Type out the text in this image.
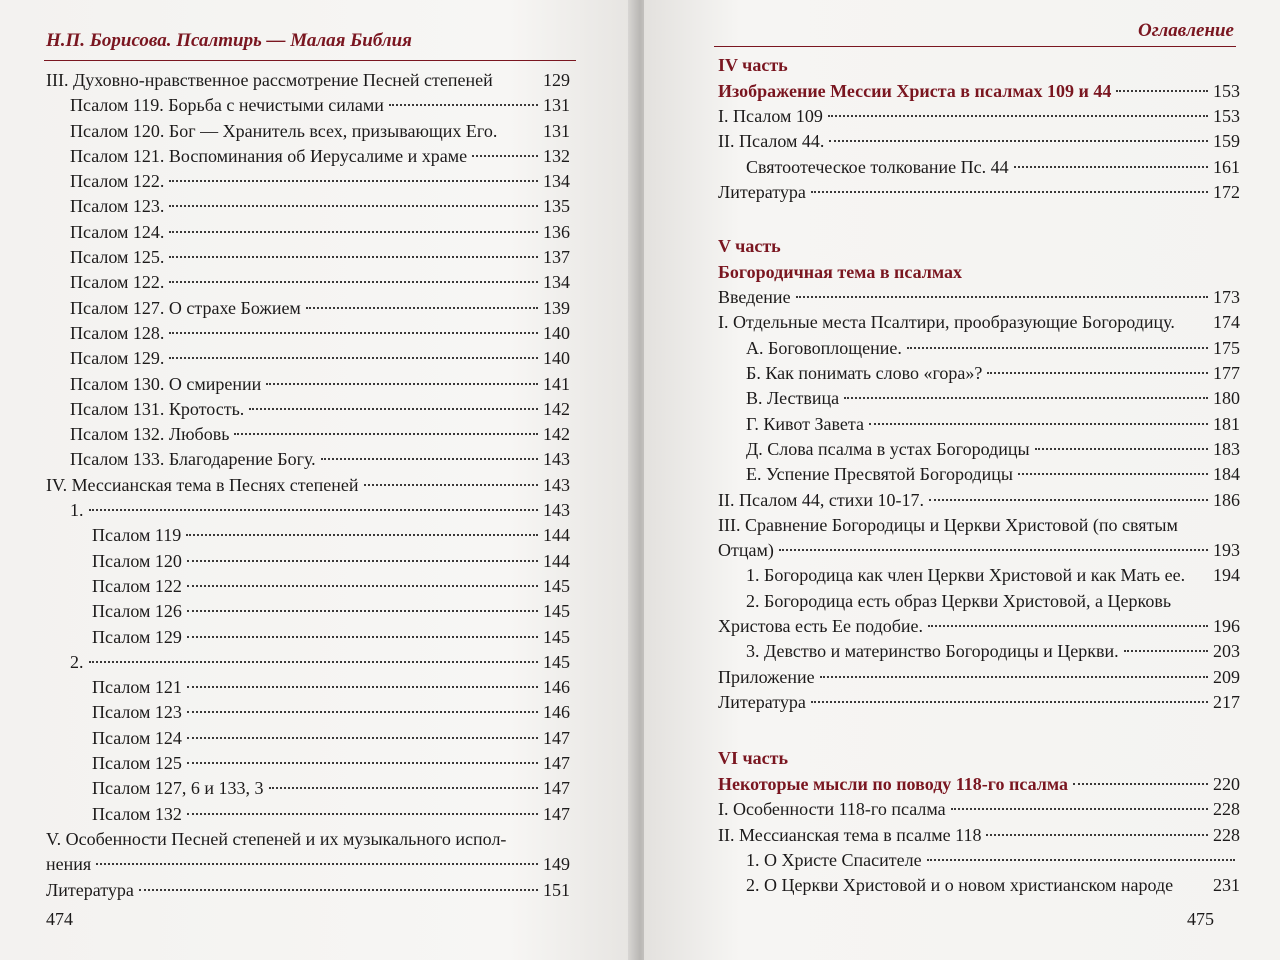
Н.П. Борисова. Псалтирь — Малая Библия
III. Духовно-нравственное рассмотрение Песней степеней	129
Псалом 119. Борьба с нечистыми силами	131
Псалом 120. Бог — Хранитель всех, призывающих Его.	131
Псалом 121. Воспоминания об Иерусалиме и храме	132
Псалом 122.	134
Псалом 123.	135
Псалом 124.	136
Псалом 125.	137
Псалом 122.	134
Псалом 127. О страхе Божием	139
Псалом 128.	140
Псалом 129.	140
Псалом 130. О смирении	141
Псалом 131. Кротость.	142
Псалом 132. Любовь	142
Псалом 133. Благодарение Богу.	143
IV. Мессианская тема в Песнях степеней	143
1.	143
Псалом 119	144
Псалом 120	144
Псалом 122	145
Псалом 126	145
Псалом 129	145
2.	145
Псалом 121	146
Псалом 123	146
Псалом 124	147
Псалом 125	147
Псалом 127, 6 и 133, 3	147
Псалом 132	147
V. Особенности Песней степеней и их музыкального испол-
нения	149
Литература	151
474
Оглавление
IV часть
Изображение Мессии Христа в псалмах 109 и 44	153
I. Псалом 109	153
II. Псалом 44.	159
Святоотеческое толкование Пс. 44	161
Литература	172
V часть
Богородичная тема в псалмах
Введение	173
I. Отдельные места Псалтири, прообразующие Богородицу. 174
А. Боговоплощение.	175
Б. Как понимать слово «гора»?	177
В. Лествица	180
Г. Кивот Завета	181
Д. Слова псалма в устах Богородицы	183
Е. Успение Пресвятой Богородицы	184
II. Псалом 44, стихи 10-17.	186
III. Сравнение Богородицы и Церкви Христовой (по святым
Отцам)	193
1. Богородица как член Церкви Христовой и как Мать ее. 194
2. Богородица есть образ Церкви Христовой, а Церковь
Христова есть Ее подобие.	196
3. Девство и материнство Богородицы и Церкви.	203
Приложение	209
Литература	217
VI часть
Некоторые мысли по поводу 118-го псалма	220
I. Особенности 118-го псалма	228
II. Мессианская тема в псалме 118	228
1. О Христе Спасителе
2. О Церкви Христовой и о новом христианском народе 231
475
